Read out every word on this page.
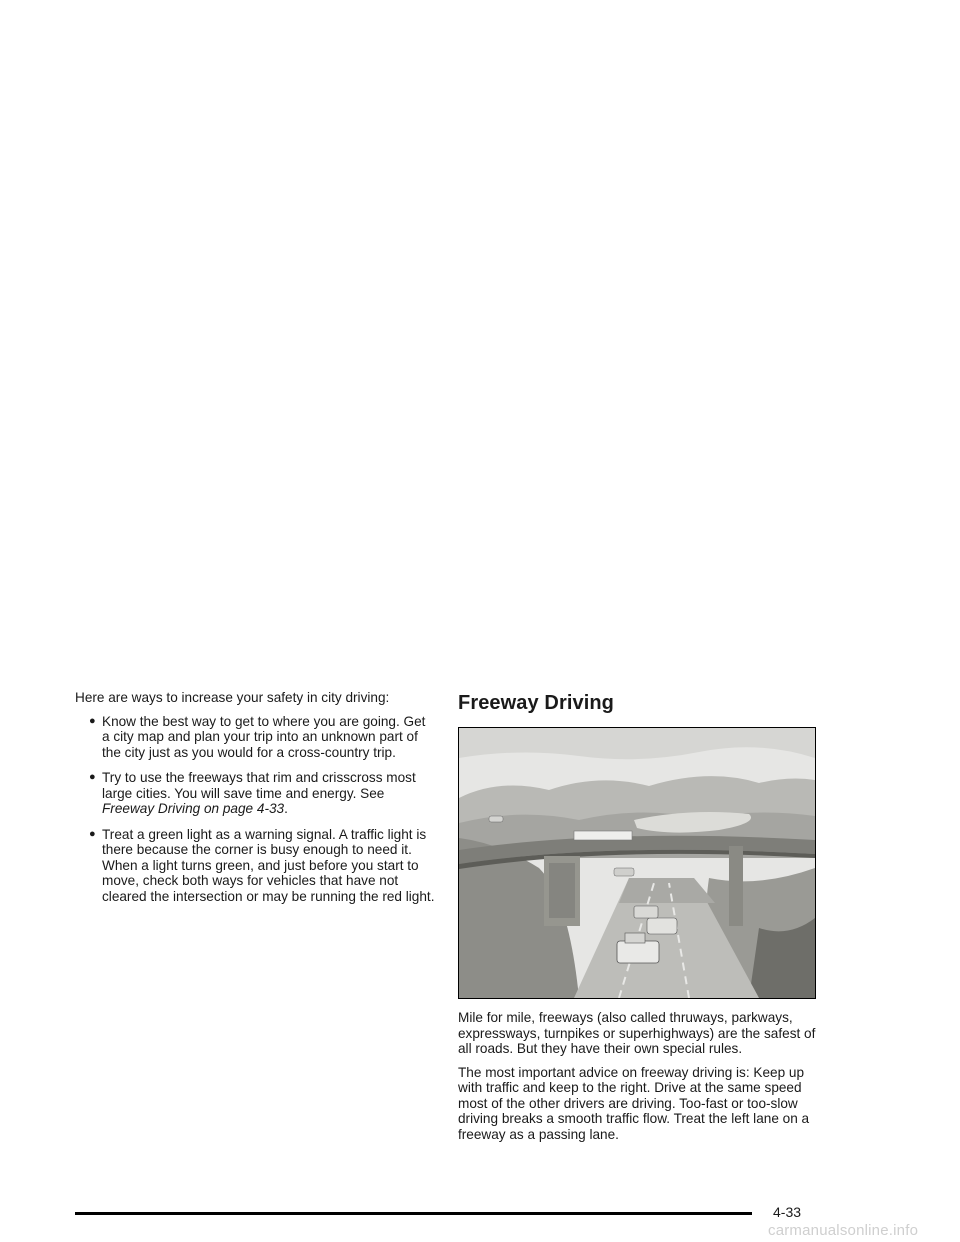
Here are ways to increase your safety in city driving:

● Know the best way to get to where you are going. Get a city map and plan your trip into an unknown part of the city just as you would for a cross-country trip.
● Try to use the freeways that rim and crisscross most large cities. You will save time and energy. See Freeway Driving on page 4-33.
● Treat a green light as a warning signal. A traffic light is there because the corner is busy enough to need it. When a light turns green, and just before you start to move, check both ways for vehicles that have not cleared the intersection or may be running the red light.
Freeway Driving

Mile for mile, freeways (also called thruways, parkways, expressways, turnpikes or superhighways) are the safest of all roads. But they have their own special rules.

The most important advice on freeway driving is: Keep up with traffic and keep to the right. Drive at the same speed most of the other drivers are driving. Too-fast or too-slow driving breaks a smooth traffic flow. Treat the left lane on a freeway as a passing lane.

4-33
carmanualsonline.info
